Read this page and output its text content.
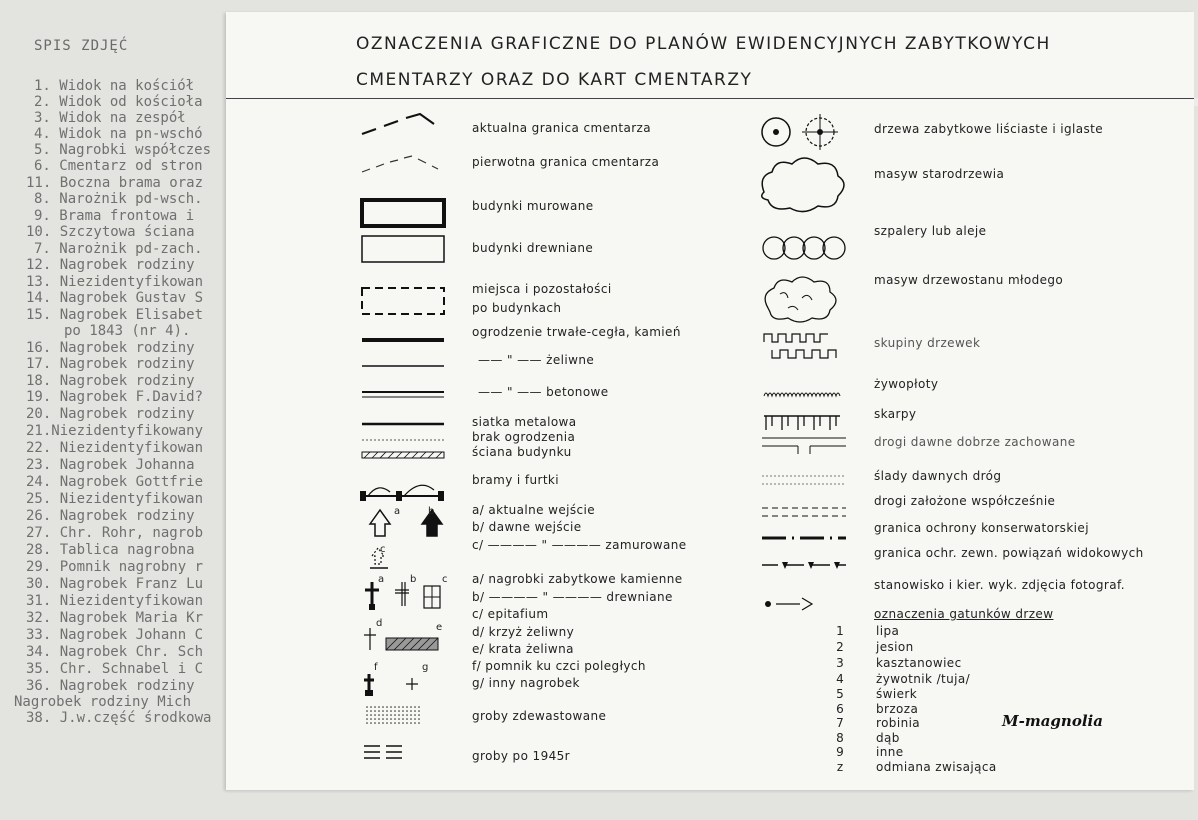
SPIS ZDJĘĆ
1. Widok na kościół
2. Widok od kościoła
3. Widok na zespół
4. Widok na pn-wschó
5. Nagrobki współczes
6. Cmentarz od stron
11. Boczna brama oraz
8. Narożnik pd-wsch.
9. Brama frontowa i
10. Szczytowa ściana
7. Narożnik pd-zach.
12. Nagrobek rodziny
13. Niezidentyfikowan
14. Nagrobek Gustav S
15. Nagrobek Elisabet
po 1843 (nr 4).
16. Nagrobek rodziny
17. Nagrobek rodziny
18. Nagrobek rodziny
19. Nagrobek F.David?
20. Nagrobek rodziny
21.Niezidentyfikowany
22. Niezidentyfikowan
23. Nagrobek Johanna
24. Nagrobek Gottfrie
25. Niezidentyfikowan
26. Nagrobek rodziny
27. Chr. Rohr, nagrob
28. Tablica nagrobna
29. Pomnik nagrobny r
30. Nagrobek Franz Lu
31. Niezidentyfikowan
32. Nagrobek Maria Kr
33. Nagrobek Johann C
34. Nagrobek Chr. Sch
35. Chr. Schnabel i C
36. Nagrobek rodziny
Nagrobek rodziny Mich
38. J.w.część środkowa
OZNACZENIA GRAFICZNE DO PLANÓW EWIDENCYJNYCH ZABYTKOWYCH
CMENTARZY ORAZ DO KART CMENTARZY
aktualna granica cmentarza
pierwotna granica cmentarza
budynki murowane
budynki drewniane
miejsca i pozostałości
po budynkach
ogrodzenie trwałe-cegła, kamień
—— " —— żeliwne
—— " —— betonowe
siatka metalowa
brak ogrodzenia
ściana budynku
bramy i furtki
a/ aktualne wejście
b/ dawne wejście
c/ ———— " ———— zamurowane
a/ nagrobki zabytkowe kamienne
b/ ———— " ———— drewniane
c/ epitafium
d/ krzyż żeliwny
e/ krata żeliwna
f/ pomnik ku czci poległych
g/ inny nagrobek
groby zdewastowane
groby po 1945r
a	b
c
a	b	c
d	e
f	g
drzewa zabytkowe liściaste i iglaste
masyw starodrzewia
szpalery lub aleje
masyw drzewostanu młodego
skupiny drzewek
żywopłoty
skarpy
drogi dawne dobrze zachowane
ślady dawnych dróg
drogi założone współcześnie
granica ochrony konserwatorskiej
granica ochr. zewn. powiązań widokowych
stanowisko i kier. wyk. zdjęcia fotograf.
oznaczenia gatunków drzew
1	lipa
2	jesion
3	kasztanowiec
4	żywotnik /tuja/
5	świerk
6	brzoza
7	robinia
8	dąb
9	inne
z	odmiana zwisająca
M-magnolia
